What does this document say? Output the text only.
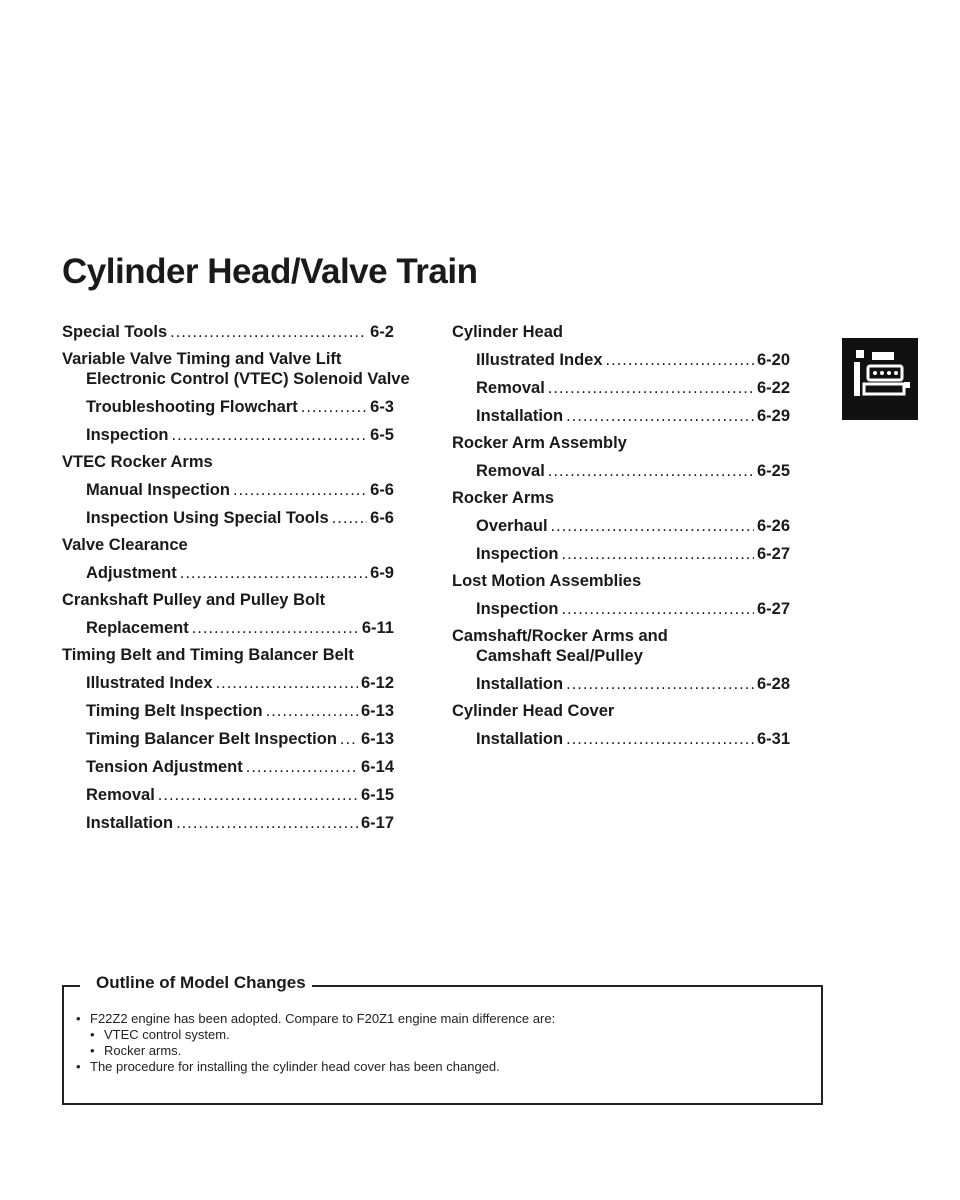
Cylinder Head/Valve Train
Special Tools .....	6-2
Variable Valve Timing and Valve Lift
Electronic Control (VTEC) Solenoid Valve
Troubleshooting Flowchart .....	6-3
Inspection .....	6-5
VTEC Rocker Arms
Manual Inspection .....	6-6
Inspection Using Special Tools .....	6-6
Valve Clearance
Adjustment .....	6-9
Crankshaft Pulley and Pulley Bolt
Replacement .....	6-11
Timing Belt and Timing Balancer Belt
Illustrated Index .....	6-12
Timing Belt Inspection .....	6-13
Timing Balancer Belt Inspection ..... 6-13
Tension Adjustment .....	6-14
Removal .....	6-15
Installation .....	6-17
Cylinder Head
Illustrated Index .....	6-20
Removal .....	6-22
Installation .....	6-29
Rocker Arm Assembly
Removal .....	6-25
Rocker Arms
Overhaul .....	6-26
Inspection .....	6-27
Lost Motion Assemblies
Inspection .....	6-27
Camshaft/Rocker Arms and
Camshaft Seal/Pulley
Installation .....	6-28
Cylinder Head Cover
Installation .....	6-31
Outline of Model Changes
• F22Z2 engine has been adopted. Compare to F20Z1 engine main difference are:
• VTEC control system.
• Rocker arms.
• The procedure for installing the cylinder head cover has been changed.
